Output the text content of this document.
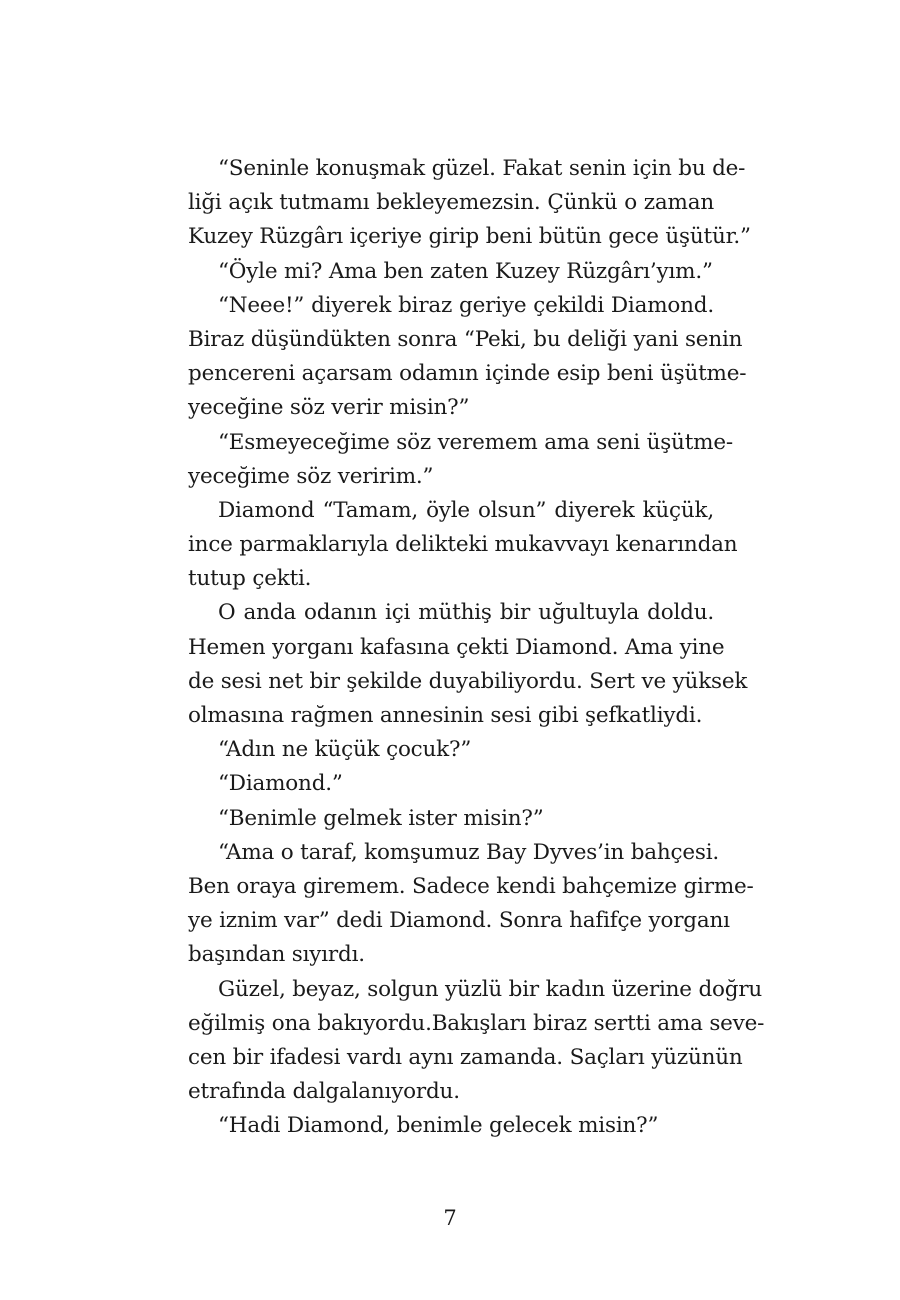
“Seninle konuşmak güzel. Fakat senin için bu de-
liği açık tutmamı bekleyemezsin. Çünkü o zaman
Kuzey Rüzgârı içeriye girip beni bütün gece üşütür.”
“Öyle mi? Ama ben zaten Kuzey Rüzgârı’yım.”
“Neee!” diyerek biraz geriye çekildi Diamond.
Biraz düşündükten sonra “Peki, bu deliği yani senin
pencereni açarsam odamın içinde esip beni üşütme-
yeceğine söz verir misin?”
“Esmeyeceğime söz veremem ama seni üşütme-
yeceğime söz veririm.”
Diamond “Tamam, öyle olsun” diyerek küçük,
ince parmaklarıyla delikteki mukavvayı kenarından
tutup çekti.
O anda odanın içi müthiş bir uğultuyla doldu.
Hemen yorganı kafasına çekti Diamond. Ama yine
de sesi net bir şekilde duyabiliyordu. Sert ve yüksek
olmasına rağmen annesinin sesi gibi şefkatliydi.
“Adın ne küçük çocuk?”
“Diamond.”
“Benimle gelmek ister misin?”
“Ama o taraf, komşumuz Bay Dyves’in bahçesi.
Ben oraya giremem. Sadece kendi bahçemize girme-
ye iznim var” dedi Diamond. Sonra hafifçe yorganı
başından sıyırdı.
Güzel, beyaz, solgun yüzlü bir kadın üzerine doğru
eğilmiş ona bakıyordu.Bakışları biraz sertti ama seve-
cen bir ifadesi vardı aynı zamanda. Saçları yüzünün
etrafında dalgalanıyordu.
“Hadi Diamond, benimle gelecek misin?”
7
